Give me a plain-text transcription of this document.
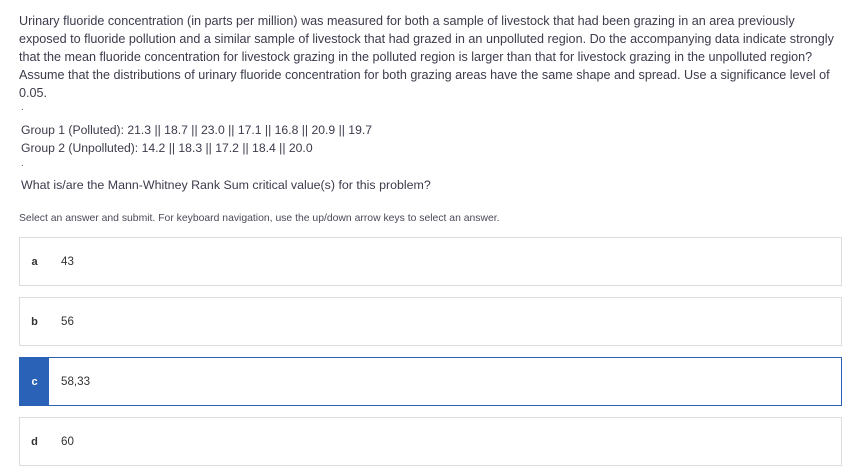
Urinary fluoride concentration (in parts per million) was measured for both a sample of livestock that had been grazing in an area previously exposed to fluoride pollution and a similar sample of livestock that had grazed in an unpolluted region. Do the accompanying data indicate strongly that the mean fluoride concentration for livestock grazing in the polluted region is larger than that for livestock grazing in the unpolluted region? Assume that the distributions of urinary fluoride concentration for both grazing areas have the same shape and spread. Use a significance level of 0.05.

.
Group 1 (Polluted): 21.3 || 18.7 || 23.0 || 17.1 || 16.8 || 20.9 || 19.7
Group 2 (Unpolluted): 14.2 || 18.3 || 17.2 || 18.4 || 20.0
.
What is/are the Mann-Whitney Rank Sum critical value(s) for this problem?
Select an answer and submit. For keyboard navigation, use the up/down arrow keys to select an answer.
a	43
b	56
c	58,33
d	60
